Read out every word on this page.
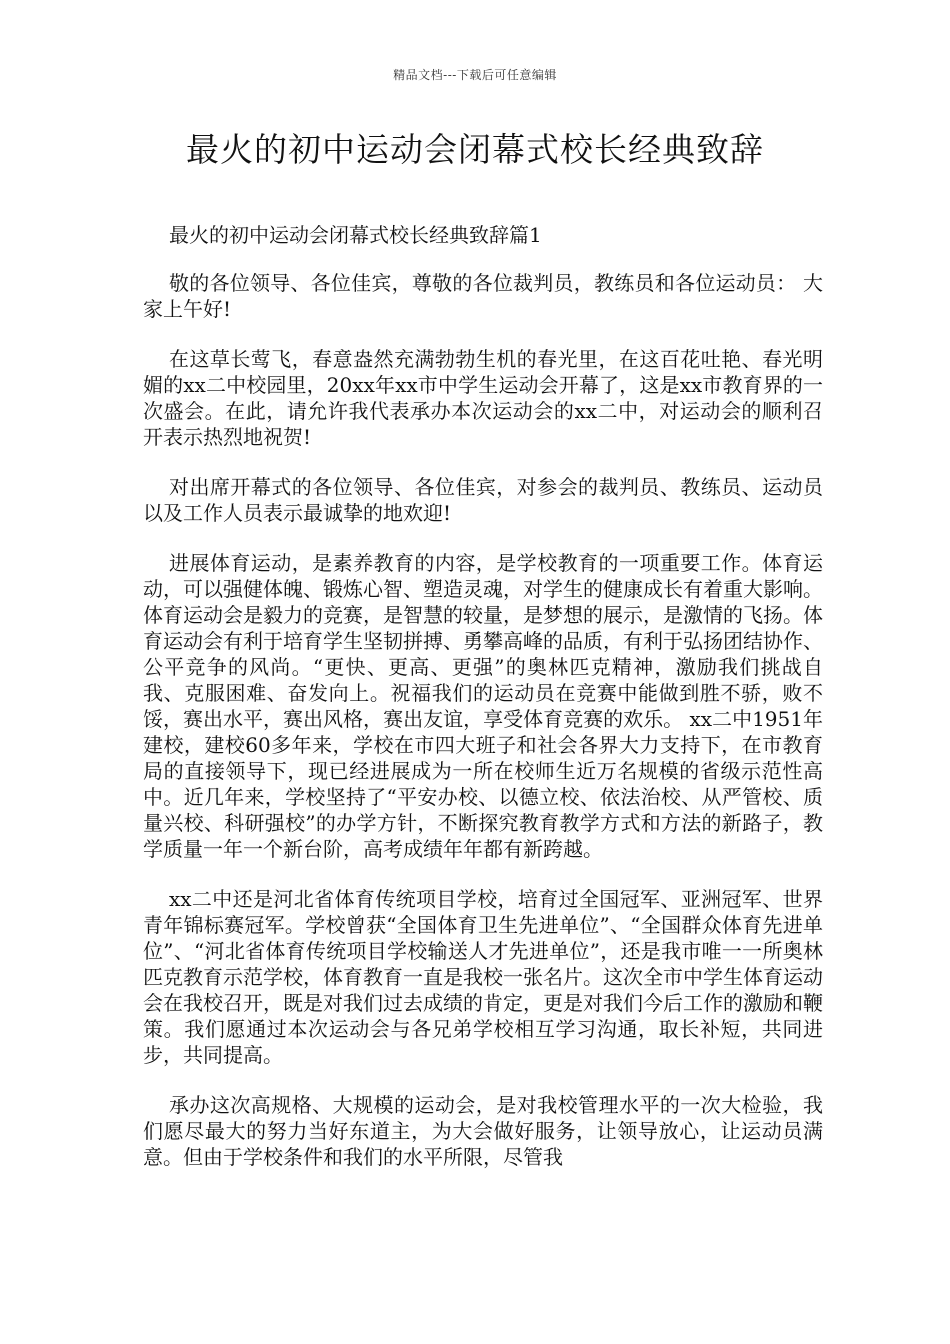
精品文档---下载后可任意编辑
最火的初中运动会闭幕式校长经典致辞

最火的初中运动会闭幕式校长经典致辞篇1

敬的各位领导、各位佳宾，尊敬的各位裁判员，教练员和各位运动员： 大家上午好!

在这草长莺飞，春意盎然充满勃勃生机的春光里，在这百花吐艳、春光明媚的xx二中校园里，20xx年xx市中学生运动会开幕了，这是xx市教育界的一次盛会。在此，请允许我代表承办本次运动会的xx二中，对运动会的顺利召开表示热烈地祝贺!

对出席开幕式的各位领导、各位佳宾，对参会的裁判员、教练员、运动员以及工作人员表示最诚挚的地欢迎!

进展体育运动，是素养教育的内容，是学校教育的一项重要工作。体育运动，可以强健体魄、锻炼心智、塑造灵魂，对学生的健康成长有着重大影响。体育运动会是毅力的竞赛，是智慧的较量，是梦想的展示，是激情的飞扬。体育运动会有利于培育学生坚韧拼搏、勇攀高峰的品质，有利于弘扬团结协作、公平竞争的风尚。“更快、更高、更强”的奥林匹克精神，激励我们挑战自我、克服困难、奋发向上。祝福我们的运动员在竞赛中能做到胜不骄，败不馁，赛出水平，赛出风格，赛出友谊，享受体育竞赛的欢乐。 xx二中1951年建校，建校60多年来，学校在市四大班子和社会各界大力支持下，在市教育局的直接领导下，现已经进展成为一所在校师生近万名规模的省级示范性高中。近几年来，学校坚持了“平安办校、以德立校、依法治校、从严管校、质量兴校、科研强校”的办学方针，不断探究教育教学方式和方法的新路子，教学质量一年一个新台阶，高考成绩年年都有新跨越。

xx二中还是河北省体育传统项目学校，培育过全国冠军、亚洲冠军、世界青年锦标赛冠军。学校曾获“全国体育卫生先进单位”、“全国群众体育先进单位”、“河北省体育传统项目学校输送人才先进单位”，还是我市唯一一所奥林匹克教育示范学校，体育教育一直是我校一张名片。这次全市中学生体育运动会在我校召开，既是对我们过去成绩的肯定，更是对我们今后工作的激励和鞭策。我们愿通过本次运动会与各兄弟学校相互学习沟通，取长补短，共同进步，共同提高。

承办这次高规格、大规模的运动会，是对我校管理水平的一次大检验，我们愿尽最大的努力当好东道主，为大会做好服务，让领导放心，让运动员满意。但由于学校条件和我们的水平所限，尽管我
